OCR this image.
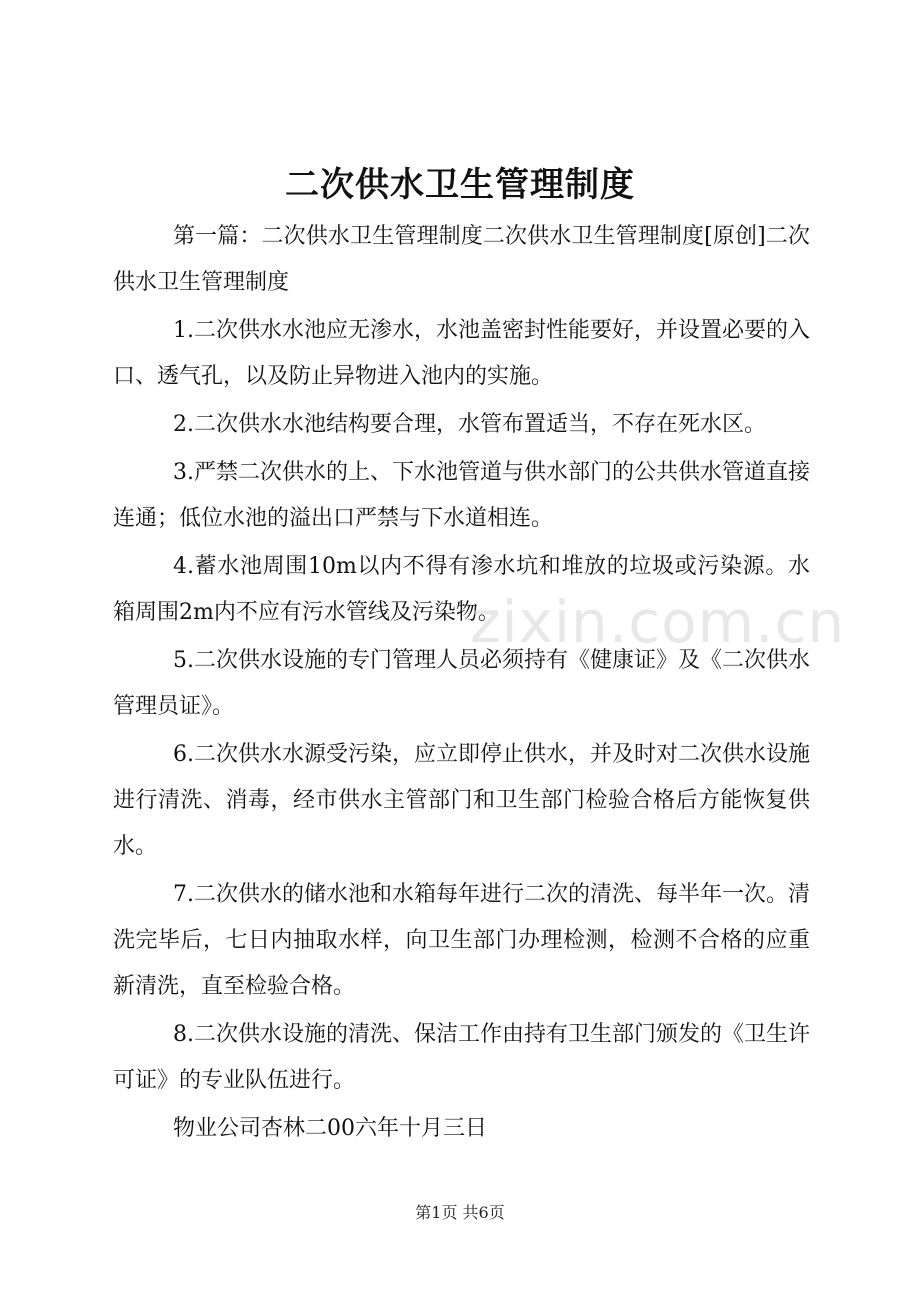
二次供水卫生管理制度

第一篇：二次供水卫生管理制度二次供水卫生管理制度[原创]二次供水卫生管理制度

1.二次供水水池应无渗水，水池盖密封性能要好，并设置必要的入口、透气孔，以及防止异物进入池内的实施。

2.二次供水水池结构要合理，水管布置适当，不存在死水区。

3.严禁二次供水的上、下水池管道与供水部门的公共供水管道直接连通；低位水池的溢出口严禁与下水道相连。

4.蓄水池周围10m以内不得有渗水坑和堆放的垃圾或污染源。水箱周围2m内不应有污水管线及污染物。

5.二次供水设施的专门管理人员必须持有《健康证》及《二次供水管理员证》。

6.二次供水水源受污染，应立即停止供水，并及时对二次供水设施进行清洗、消毒，经市供水主管部门和卫生部门检验合格后方能恢复供水。

7.二次供水的储水池和水箱每年进行二次的清洗、每半年一次。清洗完毕后，七日内抽取水样，向卫生部门办理检测，检测不合格的应重新清洗，直至检验合格。

8.二次供水设施的清洗、保洁工作由持有卫生部门颁发的《卫生许可证》的专业队伍进行。

物业公司杏林二00六年十月三日

zixin.com.cn
第1页 共6页
